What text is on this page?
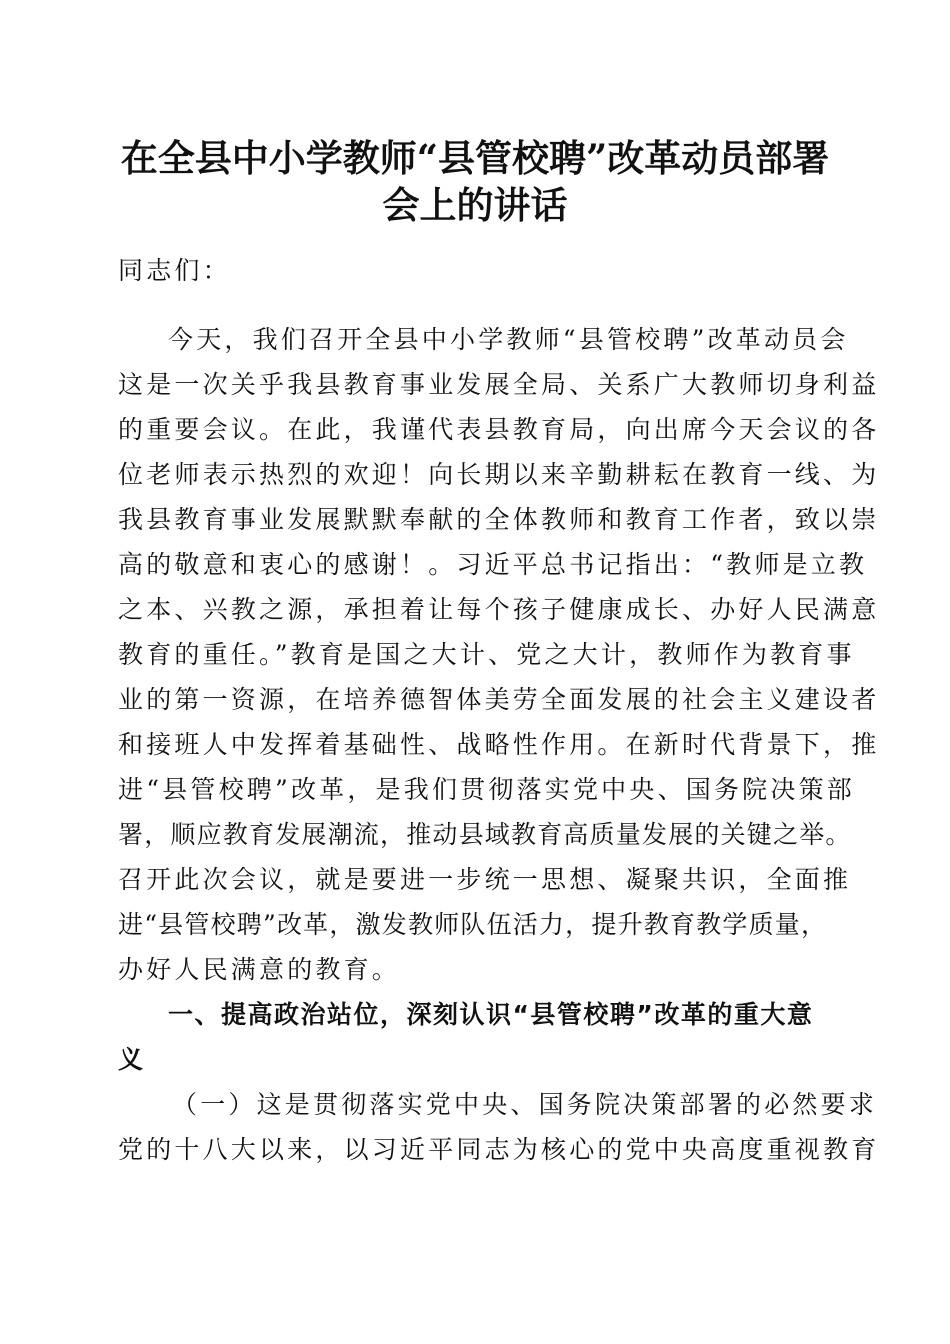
在全县中小学教师“县管校聘”改革动员部署
会上的讲话
同志们：
今天，我们召开全县中小学教师“县管校聘”改革动员会
这是一次关乎我县教育事业发展全局、关系广大教师切身利益
的重要会议。在此，我谨代表县教育局，向出席今天会议的各
位老师表示热烈的欢迎！向长期以来辛勤耕耘在教育一线、为
我县教育事业发展默默奉献的全体教师和教育工作者，致以崇
高的敬意和衷心的感谢！。习近平总书记指出：“教师是立教
之本、兴教之源，承担着让每个孩子健康成长、办好人民满意
教育的重任。”教育是国之大计、党之大计，教师作为教育事
业的第一资源，在培养德智体美劳全面发展的社会主义建设者
和接班人中发挥着基础性、战略性作用。在新时代背景下，推
进“县管校聘”改革，是我们贯彻落实党中央、国务院决策部
署，顺应教育发展潮流，推动县域教育高质量发展的关键之举。
召开此次会议，就是要进一步统一思想、凝聚共识，全面推
进“县管校聘”改革，激发教师队伍活力，提升教育教学质量，
办好人民满意的教育。
一、提高政治站位，深刻认识“县管校聘”改革的重大意
义
（一）这是贯彻落实党中央、国务院决策部署的必然要求
党的十八大以来，以习近平同志为核心的党中央高度重视教育
